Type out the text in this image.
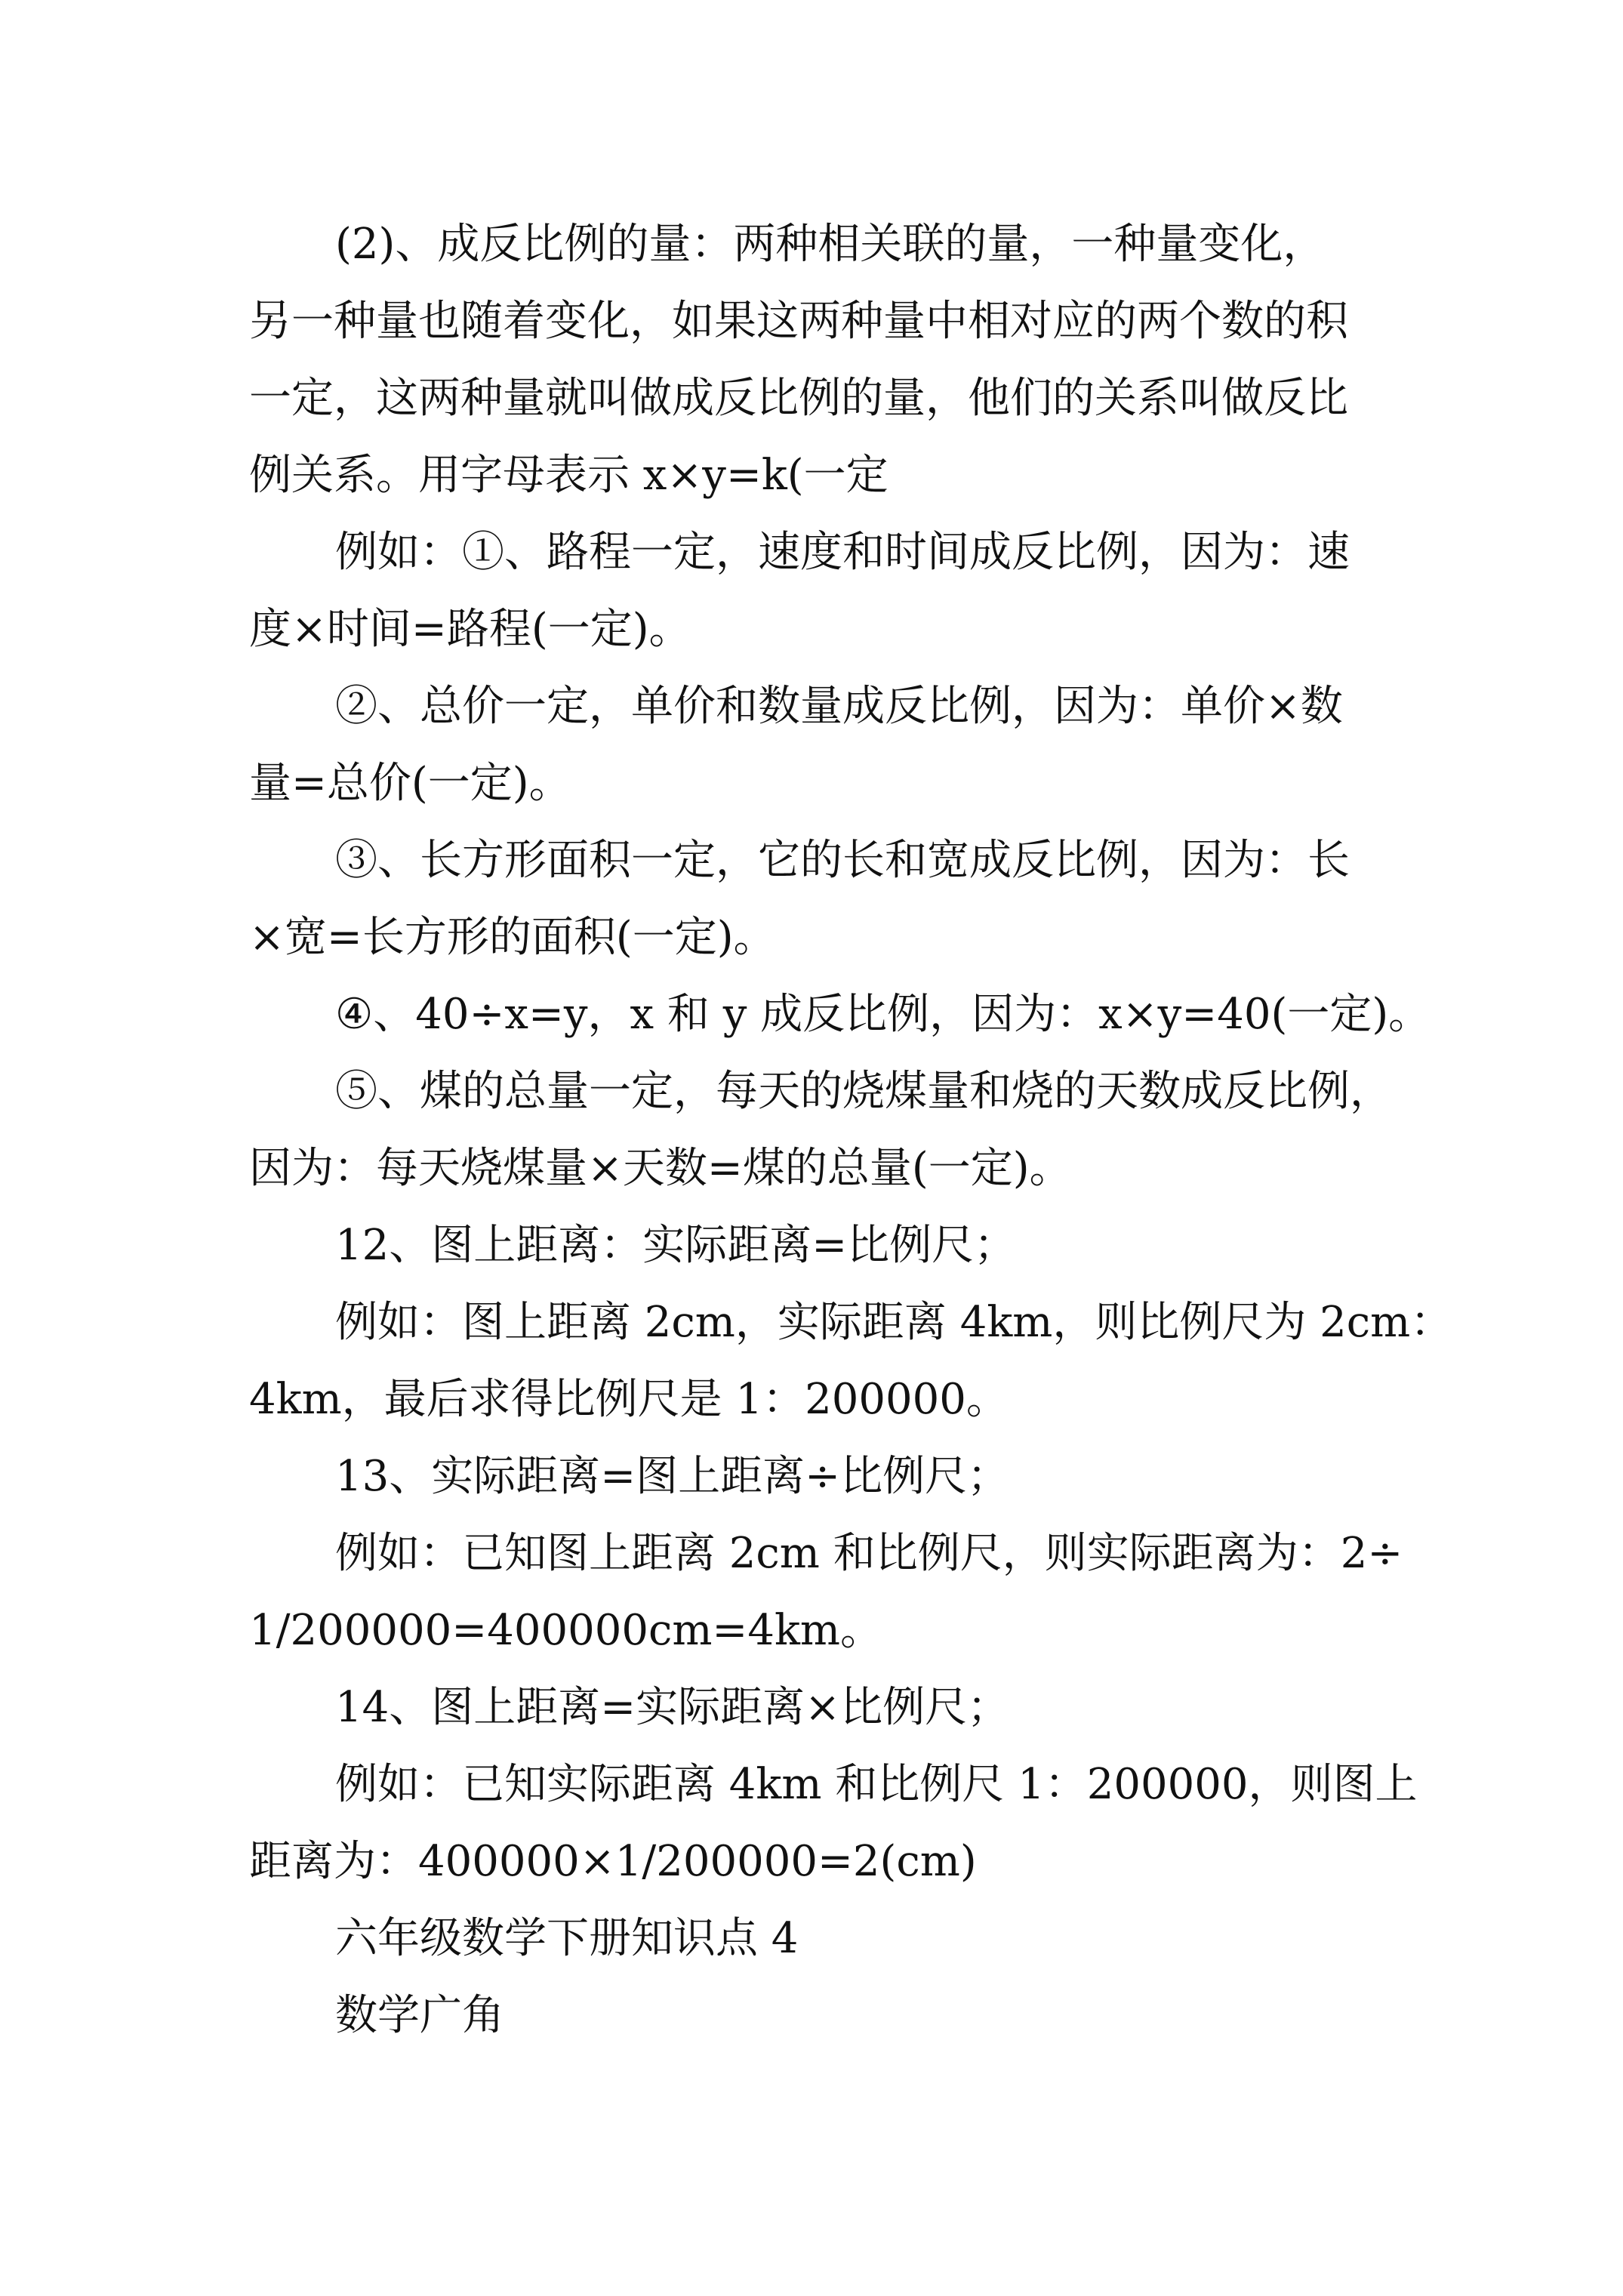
(2)、成反比例的量：两种相关联的量，一种量变化，
另一种量也随着变化，如果这两种量中相对应的两个数的积
一定，这两种量就叫做成反比例的量，他们的关系叫做反比
例关系。用字母表示 x×y=k(一定
例如：①、路程一定，速度和时间成反比例，因为：速
度×时间=路程(一定)。
②、总价一定，单价和数量成反比例，因为：单价×数
量=总价(一定)。
③、长方形面积一定，它的长和宽成反比例，因为：长
×宽=长方形的面积(一定)。
④、40÷x=y，x 和 y 成反比例，因为：x×y=40(一定)。
⑤、煤的总量一定，每天的烧煤量和烧的天数成反比例，
因为：每天烧煤量×天数=煤的总量(一定)。
12、图上距离：实际距离=比例尺；
例如：图上距离 2cm，实际距离 4km，则比例尺为 2cm：
4km，最后求得比例尺是 1：200000。
13、实际距离=图上距离÷比例尺；
例如：已知图上距离 2cm 和比例尺，则实际距离为：2÷
1/200000=400000cm=4km。
14、图上距离=实际距离×比例尺；
例如：已知实际距离 4km 和比例尺 1：200000，则图上
距离为：400000×1/200000=2(cm)
六年级数学下册知识点 4
数学广角
